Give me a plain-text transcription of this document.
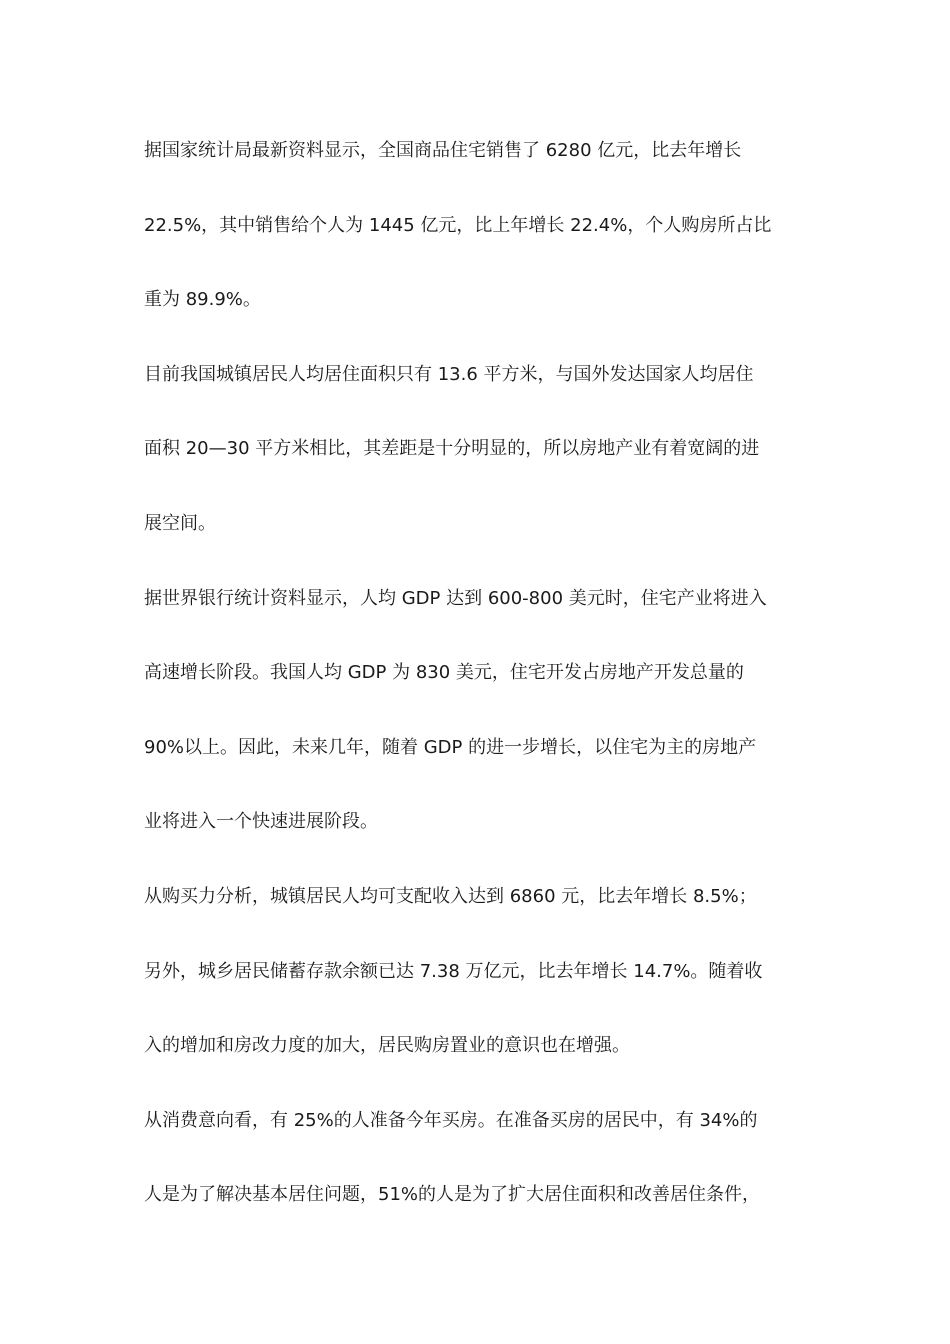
据国家统计局最新资料显示，全国商品住宅销售了 6280 亿元，比去年增长
22.5%，其中销售给个人为 1445 亿元，比上年增长 22.4%，个人购房所占比
重为 89.9%。
目前我国城镇居民人均居住面积只有 13.6 平方米，与国外发达国家人均居住
面积 20—30 平方米相比，其差距是十分明显的，所以房地产业有着宽阔的进
展空间。
据世界银行统计资料显示，人均 GDP 达到 600-800 美元时，住宅产业将进入
高速增长阶段。我国人均 GDP 为 830 美元，住宅开发占房地产开发总量的
90%以上。因此，未来几年，随着 GDP 的进一步增长，以住宅为主的房地产
业将进入一个快速进展阶段。
从购买力分析，城镇居民人均可支配收入达到 6860 元，比去年增长 8.5%；
另外，城乡居民储蓄存款余额已达 7.38 万亿元，比去年增长 14.7%。随着收
入的增加和房改力度的加大，居民购房置业的意识也在增强。
从消费意向看，有 25%的人准备今年买房。在准备买房的居民中，有 34%的
人是为了解决基本居住问题，51%的人是为了扩大居住面积和改善居住条件，
